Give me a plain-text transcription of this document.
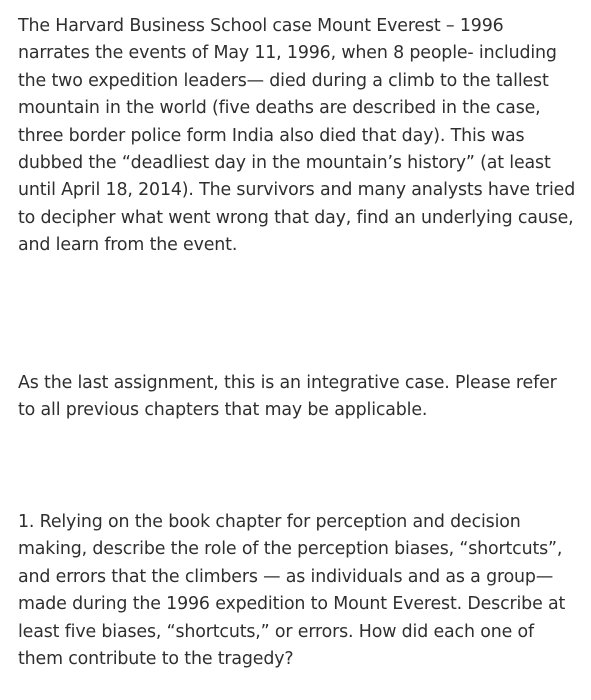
The Harvard Business School case Mount Everest – 1996 narrates the events of May 11, 1996, when 8 people- including the two expedition leaders— died during a climb to the tallest mountain in the world (five deaths are described in the case, three border police form India also died that day). This was dubbed the “deadliest day in the mountain’s history” (at least until April 18, 2014). The survivors and many analysts have tried to decipher what went wrong that day, find an underlying cause, and learn from the event.

As the last assignment, this is an integrative case. Please refer to all previous chapters that may be applicable.

1. Relying on the book chapter for perception and decision making, describe the role of the perception biases, “shortcuts”, and errors that the climbers — as individuals and as a group— made during the 1996 expedition to Mount Everest. Describe at least five biases, “shortcuts,” or errors. How did each one of them contribute to the tragedy?
